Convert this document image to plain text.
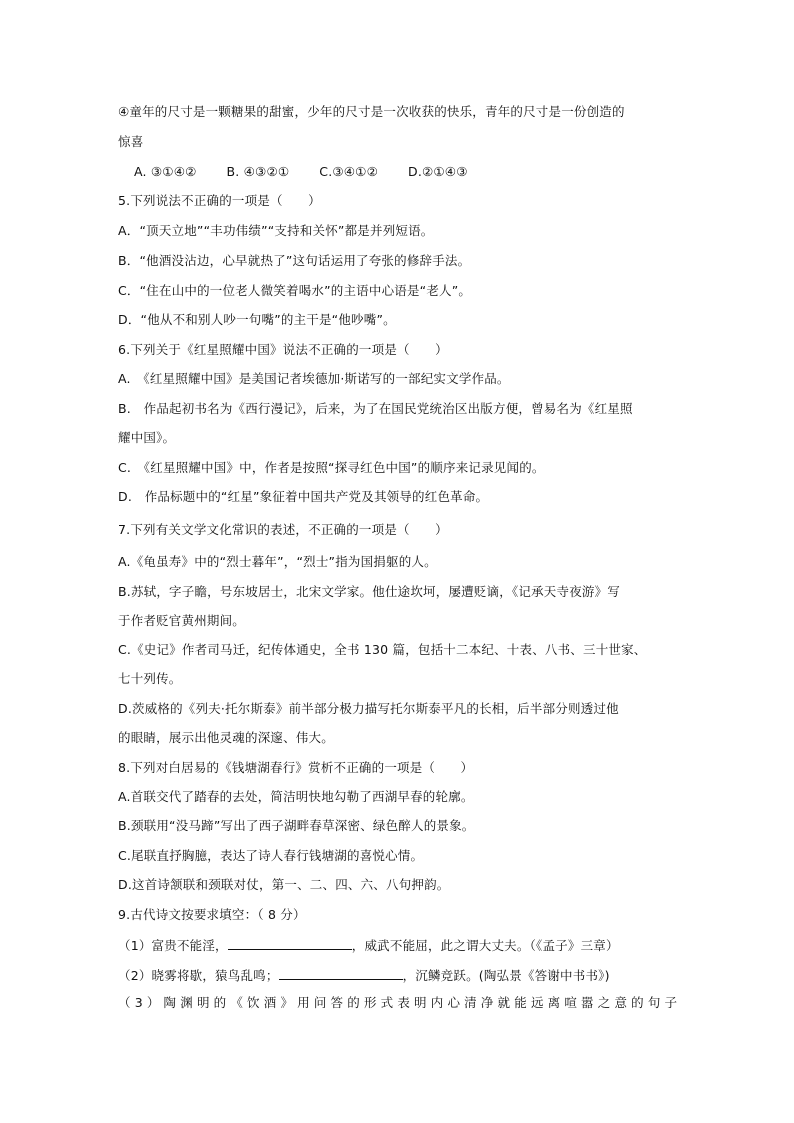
④童年的尺寸是一颗糖果的甜蜜，少年的尺寸是一次收获的快乐，青年的尺寸是一份创造的
惊喜
A. ③①④② B. ④③②① C.③④①② D.②①④③
5.下列说法不正确的一项是（　　）
A．“顶天立地”“丰功伟绩”“支持和关怀”都是并列短语。
B．“他酒没沾边，心早就热了”这句话运用了夸张的修辞手法。
C．“住在山中的一位老人微笑着喝水”的主语中心语是“老人”。
D．“他从不和别人吵一句嘴”的主干是“他吵嘴”。
6.下列关于《红星照耀中国》说法不正确的一项是（　　）
A.　《红星照耀中国》是美国记者埃德加·斯诺写的一部纪实文学作品。
B.　作品起初书名为《西行漫记》，后来，为了在国民党统治区出版方便，曾易名为《红星照
耀中国》。
C.　《红星照耀中国》中，作者是按照“探寻红色中国”的顺序来记录见闻的。
D.　作品标题中的“红星”象征着中国共产党及其领导的红色革命。
7.下列有关文学文化常识的表述，不正确的一项是（　　）
A.《龟虽寿》中的“烈士暮年”，“烈士”指为国捐躯的人。
B.苏轼，字子瞻，号东坡居士，北宋文学家。他仕途坎坷，屡遭贬谪，《记承天寺夜游》写
于作者贬官黄州期间。
C.《史记》作者司马迁，纪传体通史，全书 130 篇，包括十二本纪、十表、八书、三十世家、
七十列传。
D.茨威格的《列夫·托尔斯泰》前半部分极力描写托尔斯泰平凡的长相，后半部分则透过他
的眼睛，展示出他灵魂的深邃、伟大。
8.下列对白居易的《钱塘湖春行》赏析不正确的一项是（　　）
A.首联交代了踏春的去处，简洁明快地勾勒了西湖早春的轮廓。
B.颈联用“没马蹄”写出了西子湖畔春草深密、绿色醉人的景象。
C.尾联直抒胸臆，表达了诗人春行钱塘湖的喜悦心情。
D.这首诗颔联和颈联对仗，第一、二、四、六、八句押韵。
9.古代诗文按要求填空：（ 8 分）
（1）富贵不能淫，	，威武不能屈，此之谓大丈夫。（《孟子》三章）
（2）晓雾将歇，猿鸟乱鸣；	，沉鳞竞跃。(陶弘景《答谢中书书》)
（3）陶渊明的《饮酒》用问答的形式表明内心清净就能远离喧嚣之意的句子
